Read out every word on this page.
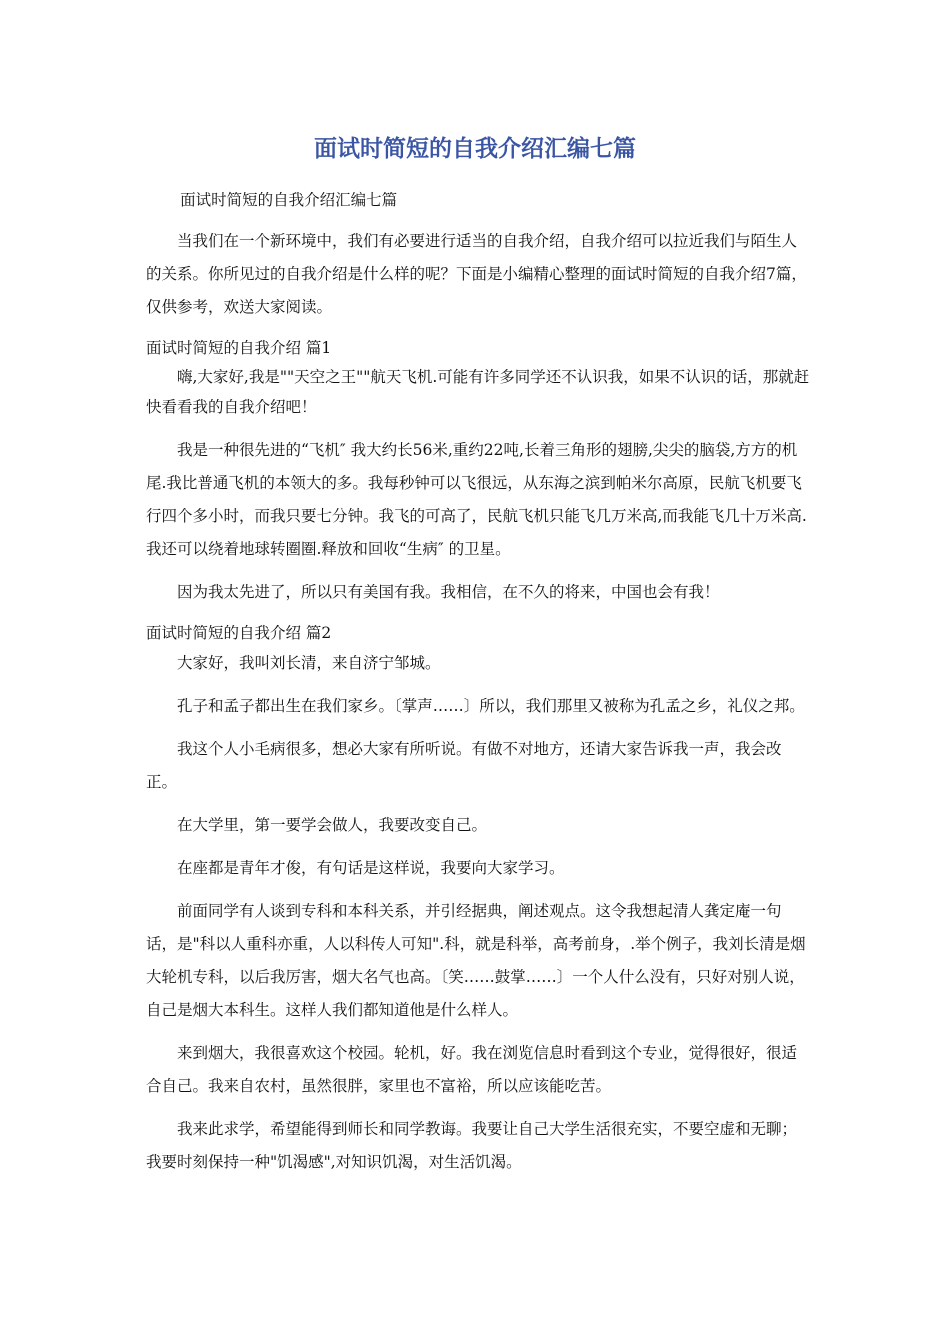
面试时简短的自我介绍汇编七篇

面试时简短的自我介绍汇编七篇

当我们在一个新环境中，我们有必要进行适当的自我介绍，自我介绍可以拉近我们与陌生人的关系。你所见过的自我介绍是什么样的呢？下面是小编精心整理的面试时简短的自我介绍7篇，仅供参考，欢送大家阅读。

面试时简短的自我介绍 篇1

嗨,大家好,我是""天空之王""航天飞机.可能有许多同学还不认识我，如果不认识的话，那就赶快看看我的自我介绍吧！

我是一种很先进的“飞机″ 我大约长56米,重约22吨,长着三角形的翅膀,尖尖的脑袋,方方的机尾.我比普通飞机的本领大的多。我每秒钟可以飞很远，从东海之滨到帕米尔高原，民航飞机要飞行四个多小时，而我只要七分钟。我飞的可高了，民航飞机只能飞几万米高,而我能飞几十万米高.我还可以绕着地球转圈圈.释放和回收“生病″ 的卫星。

因为我太先进了，所以只有美国有我。我相信，在不久的将来，中国也会有我！

面试时简短的自我介绍 篇2

大家好，我叫刘长清，来自济宁邹城。

孔子和孟子都出生在我们家乡。〔掌声……〕所以，我们那里又被称为孔孟之乡，礼仪之邦。

我这个人小毛病很多，想必大家有所听说。有做不对地方，还请大家告诉我一声，我会改正。

在大学里，第一要学会做人，我要改变自己。

在座都是青年才俊，有句话是这样说，我要向大家学习。

前面同学有人谈到专科和本科关系，并引经据典，阐述观点。这令我想起清人龚定庵一句话，是"科以人重科亦重，人以科传人可知".科，就是科举，高考前身，.举个例子，我刘长清是烟大轮机专科，以后我厉害，烟大名气也高。〔笑……鼓掌……〕一个人什么没有，只好对别人说，自己是烟大本科生。这样人我们都知道他是什么样人。

来到烟大，我很喜欢这个校园。轮机，好。我在浏览信息时看到这个专业，觉得很好，很适合自己。我来自农村，虽然很胖，家里也不富裕，所以应该能吃苦。

我来此求学，希望能得到师长和同学教诲。我要让自己大学生活很充实，不要空虚和无聊；我要时刻保持一种"饥渴感",对知识饥渴，对生活饥渴。
